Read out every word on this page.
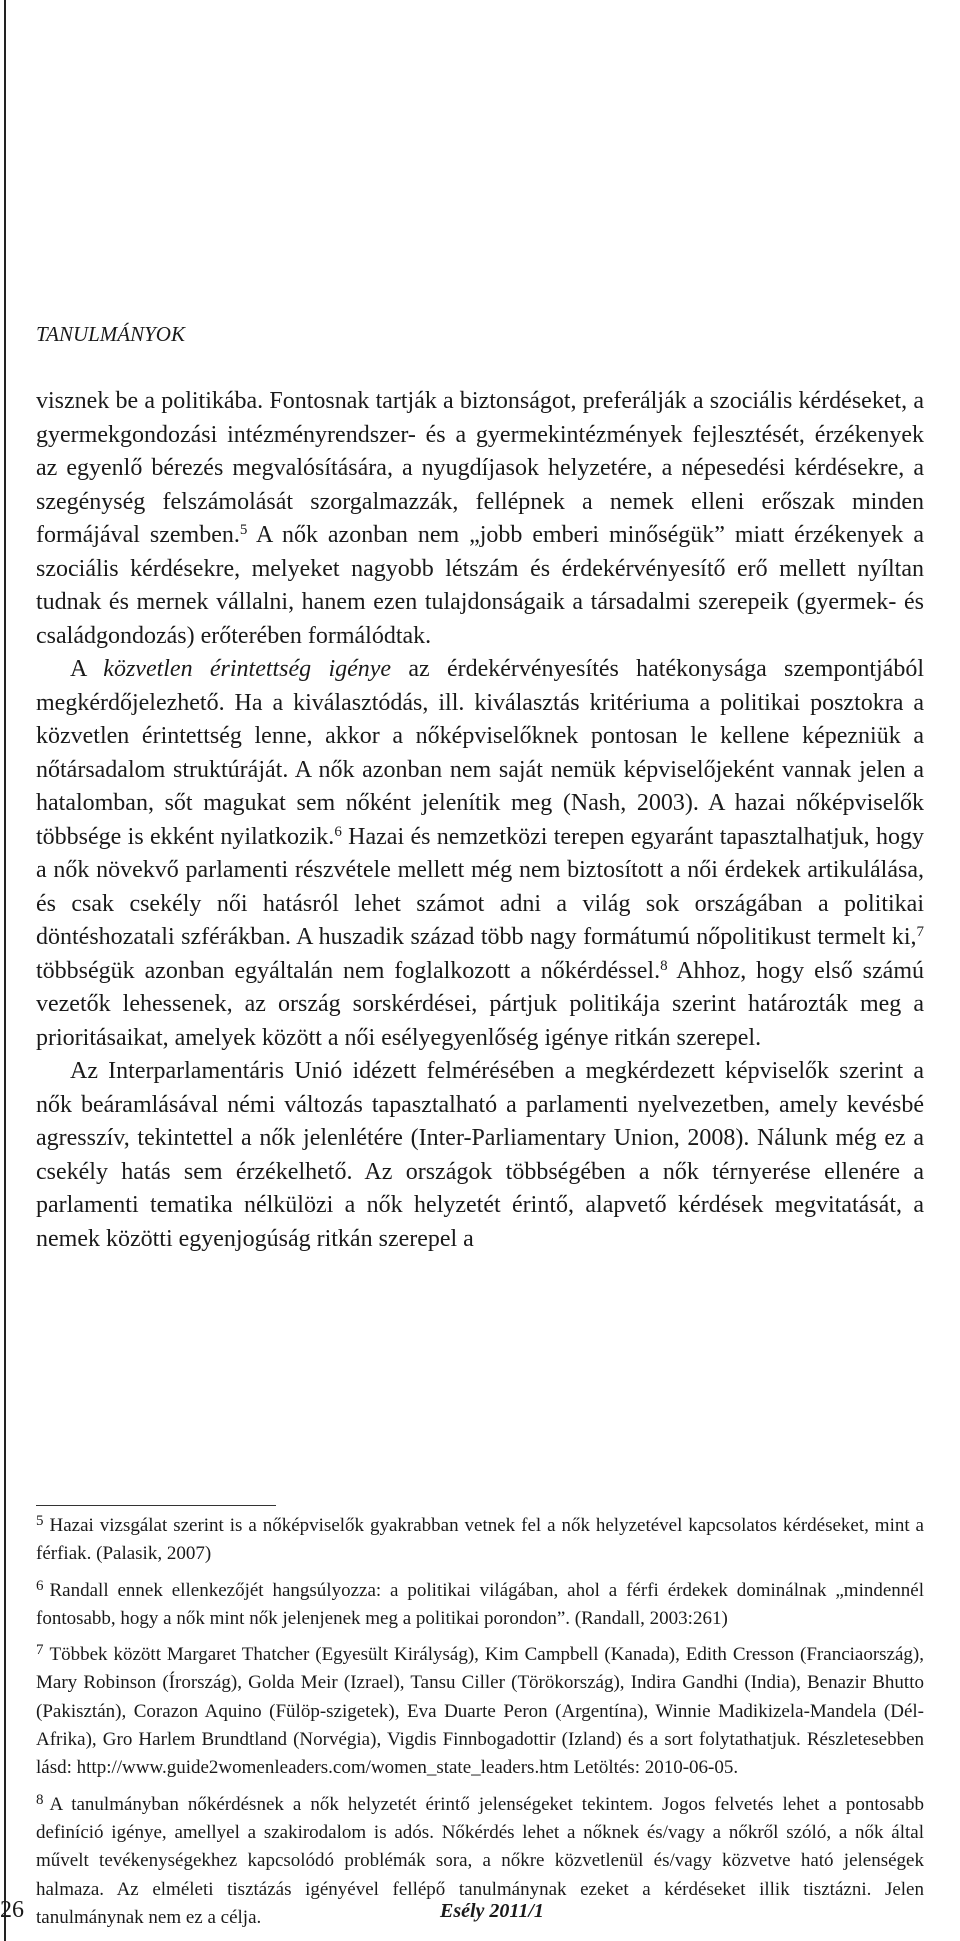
TANULMÁNYOK

visznek be a politikába. Fontosnak tartják a biztonságot, preferálják a szociális kérdéseket, a gyermekgondozási intézményrendszer- és a gyermekintézmények fejlesztését, érzékenyek az egyenlő bérezés megvalósítására, a nyugdíjasok helyzetére, a népesedési kérdésekre, a szegénység felszámolását szorgalmazzák, fellépnek a nemek elleni erőszak minden formájával szemben.$^5$ A nők azonban nem „jobb emberi minőségük” miatt érzékenyek a szociális kérdésekre, melyeket nagyobb létszám és érdekérvényesítő erő mellett nyíltan tudnak és mernek vállalni, hanem ezen tulajdonságaik a társadalmi szerepeik (gyermek- és családgondozás) erőterében formálódtak.

A közvetlen érintettség igénye az érdekérvényesítés hatékonysága szempontjából megkérdőjelezhető. Ha a kiválasztódás, ill. kiválasztás kritériuma a politikai posztokra a közvetlen érintettség lenne, akkor a nőképviselőknek pontosan le kellene képezniük a nőtársadalom struktúráját. A nők azonban nem saját nemük képviselőjeként vannak jelen a hatalomban, sőt magukat sem nőként jelenítik meg (Nash, 2003). A hazai nőképviselők többsége is ekként nyilatkozik.$^6$ Hazai és nemzetközi terepen egyaránt tapasztalhatjuk, hogy a nők növekvő parlamenti részvétele mellett még nem biztosított a női érdekek artikulálása, és csak csekély női hatásról lehet számot adni a világ sok országában a politikai döntéshozatali szférákban. A huszadik század több nagy formátumú nőpolitikust termelt ki,$^7$ többségük azonban egyáltalán nem foglalkozott a nőkérdéssel.$^8$ Ahhoz, hogy első számú vezetők lehessenek, az ország sorskérdései, pártjuk politikája szerint határozták meg a prioritásaikat, amelyek között a női esélyegyenlőség igénye ritkán szerepel.

Az Interparlamentáris Unió idézett felmérésében a megkérdezett képviselők szerint a nők beáramlásával némi változás tapasztalható a parlamenti nyelvezetben, amely kevésbé agresszív, tekintettel a nők jelenlétére (Inter-Parliamentary Union, 2008). Nálunk még ez a csekély hatás sem érzékelhető. Az országok többségében a nők térnyerése ellenére a parlamenti tematika nélkülözi a nők helyzetét érintő, alapvető kérdések megvitatását, a nemek közötti egyenjogúság ritkán szerepel a

$^5$ Hazai vizsgálat szerint is a nőképviselők gyakrabban vetnek fel a nők helyzetével kapcsolatos kérdéseket, mint a férfiak. (Palasik, 2007)

$^6$ Randall ennek ellenkezőjét hangsúlyozza: a politikai világában, ahol a férfi érdekek dominálnak „mindennél fontosabb, hogy a nők mint nők jelenjenek meg a politikai porondon”. (Randall, 2003:261)

$^7$ Többek között Margaret Thatcher (Egyesült Királyság), Kim Campbell (Kanada), Edith Cresson (Franciaország), Mary Robinson (Írország), Golda Meir (Izrael), Tansu Ciller (Törökország), Indira Gandhi (India), Benazir Bhutto (Pakisztán), Corazon Aquino (Fülöp-szigetek), Eva Duarte Peron (Argentína), Winnie Madikizela-Mandela (Dél-Afrika), Gro Harlem Brundtland (Norvégia), Vigdis Finnbogadottir (Izland) és a sort folytathatjuk. Részletesebben lásd: http://www.guide2womenleaders.com/women_state_leaders.htm Letöltés: 2010-06-05.

$^8$ A tanulmányban nőkérdésnek a nők helyzetét érintő jelenségeket tekintem. Jogos felvetés lehet a pontosabb definíció igénye, amellyel a szakirodalom is adós. Nőkérdés lehet a nőknek és/vagy a nőkről szóló, a nők által művelt tevékenységekhez kapcsolódó problémák sora, a nőkre közvetlenül és/vagy közvetve ható jelenségek halmaza. Az elméleti tisztázás igényével fellépő tanulmánynak ezeket a kérdéseket illik tisztázni. Jelen tanulmánynak nem ez a célja.

26	Esély 2011/1
